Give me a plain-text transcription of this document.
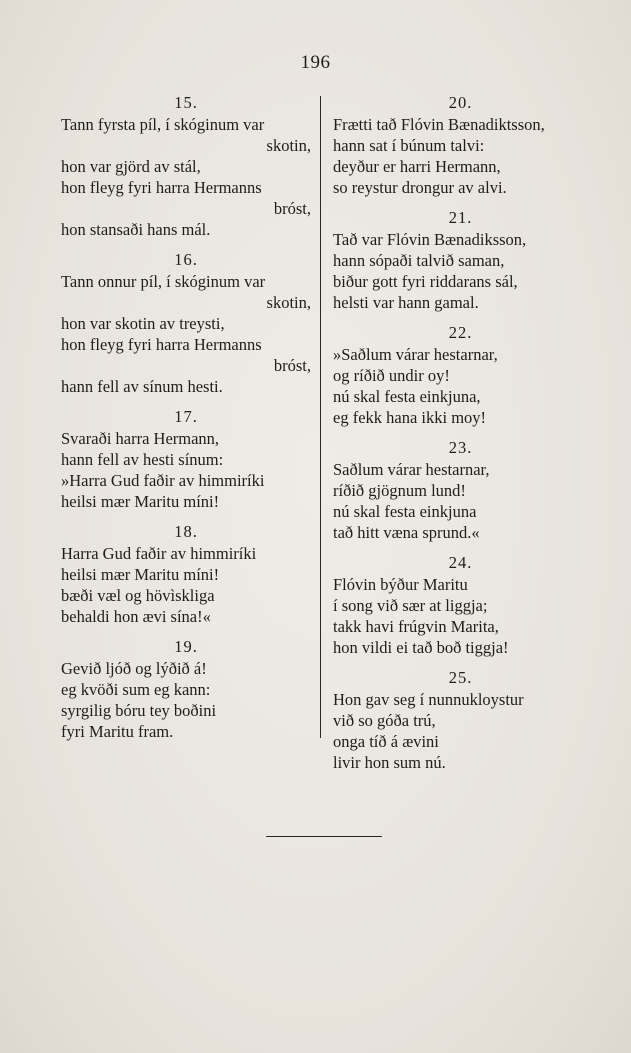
196
15.
Tann fyrsta píl, í skóginum var
skotin,
hon var gjörd av stál,
hon fleyg fyri harra Hermanns
bróst,
hon stansaði hans mál.
16.
Tann onnur píl, í skóginum var
skotin,
hon var skotin av treysti,
hon fleyg fyri harra Hermanns
bróst,
hann fell av sínum hesti.
17.
Svaraði harra Hermann,
hann fell av hesti sínum:
»Harra Gud faðir av himmiríki
heilsi mær Maritu míni!
18.
Harra Gud faðir av himmiríki
heilsi mær Maritu míni!
bæði væl og hövìskliga
behaldi hon ævi sína!«
19.
Gevið ljóð og lýðið á!
eg kvöði sum eg kann:
syrgilig bóru tey boðini
fyri Maritu fram.
20.
Frætti tað Flóvin Bænadiktsson,
hann sat í búnum talvi:
deyður er harri Hermann,
so reystur drongur av alvi.
21.
Tað var Flóvin Bænadiksson,
hann sópaði talvið saman,
biður gott fyri riddarans sál,
helsti var hann gamal.
22.
»Saðlum várar hestarnar,
og ríðið undir oy!
nú skal festa einkjuna,
eg fekk hana ikki moy!
23.
Saðlum várar hestarnar,
ríðið gjögnum lund!
nú skal festa einkjuna
tað hitt væna sprund.«
24.
Flóvin býður Maritu
í song við sær at liggja;
takk havi frúgvin Marita,
hon vildi ei tað boð tiggja!
25.
Hon gav seg í nunnukloystur
við so góða trú,
onga tíð á ævini
livir hon sum nú.
